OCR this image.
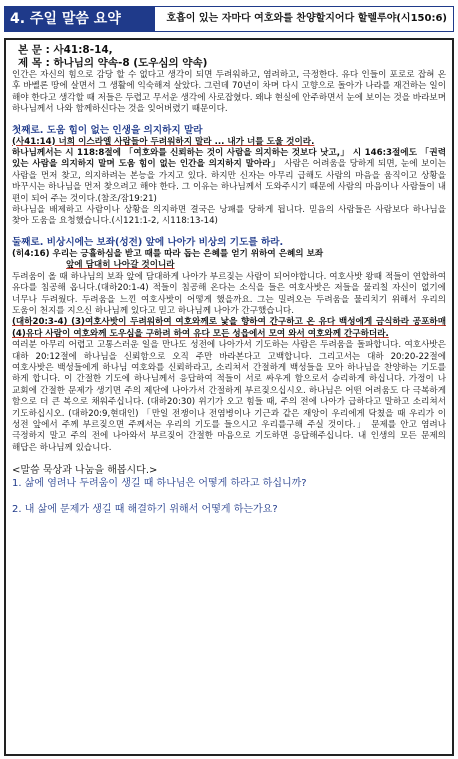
4. 주일 말씀 요약	호흡이 있는 자마다 여호와를 찬양할지어다 할렐루야(시150:6)
본 문 : 사41:8-14,
제 목 : 하나님의 약속-8 (도우심의 약속)

인간은 자신의 힘으로 감당 할 수 없다고 생각이 되면 두려워하고, 염려하고, 극정한다. 유다 인들이 포로로 잡혀 온 후 바벨론 땅에 살면서 그 생활에 익숙해져 살았다. 그런데 70년이 차며 다시 고향으로 돌아가 나라를 재건하는 일이 해야 한다고 생각할 때 저들은 두렵고 무서운 생각에 사로잡혔다. 왜냐 현실에 안주하면서 눈에 보이는 것을 바라보며 하나님께서 나와 함께하신다는 것을 잊어버렸기 때문이다.

첫째로. 도움 힘이 없는 인생을 의지하지 말라

(사41:14) 너희 이스라엘 사람들아 두려워하지 말라 ... 내가 너를 도울 것이라.

하나님께서는 시 118:8절에 「여호와를 신뢰하는 것이 사람을 의지하는 것보다 낫고,」 시 146:3절에도 「권력 있는 사람을 의지하지 말며 도움 힘이 없는 인간을 의지하지 말아라」 사람은 어려움을 당하게 되면, 눈에 보이는 사람을 먼저 찾고, 의지하려는 본능을 가지고 있다. 하지만 신자는 아무리 급해도 사람의 마음을 움직이고 상황을 바꾸시는 하나님을 먼저 찾으려고 해야 한다. 그 이유는 하나님께서 도와주시기 때문에 사람의 마음이나 사람들이 내 편이 되어 주는 것이다.(참조/잠19:21)

하나님을 배제하고 사람이나 상황을 의지하면 결국은 낭패를 당하게 됩니다. 믿음의 사람들은 사람보다 하나님을 찾아 도움을 요청했습니다.(시121:1-2, 시118:13-14)

둘째로. 비상시에는 보좌(성전) 앞에 나아가 비상의 기도를 하라.

(히4:16) 우리는 긍휼하심을 받고 때를 따라 돕는 은혜를 얻기 위하여 은혜의 보좌

앞에 담대히 나아갈 것이니라

두려움이 올 때 하나님의 보좌 앞에 담대하게 나아가 부르짖는 사람이 되어야합니다. 여호사밧 왕때 적들이 연합하여 유다를 침공해 옵니다.(대하20:1-4) 적들이 침공해 온다는 소식을 들은 여호사밧은 저들을 물리칠 자신이 없기에 너무나 두려웠다. 두려움을 느낀 여호사밧이 어떻게 했을까요. 그는 밀려오는 두려움을 물리치기 위해서 우리의 도움이 천지를 지으신 하나님께 있다고 믿고 하나님께 나아가 간구했습니다.

(대하20:3-4) (3)여호사밧이 두려워하여 여호와께로 낯을 향하여 간구하고 온 유다 백성에게 금식하라 공포하매 (4)유다 사람이 여호와께 도우심을 구하려 하여 유다 모든 성읍에서 모여 와서 여호와께 간구하더라.

여러분 아무리 어렵고 고통스러운 일을 만나도 성전에 나아가서 기도하는 사람은 두려움을 돌파합니다. 여호사밧은 대하 20:12절에 하나님을 신뢰함으로 오직 주만 바라본다고 고백합니다. 그리고서는 대하 20:20-22절에 여호사밧은 백성들에게 하나님 여호와를 신뢰하라고, 소리쳐서 간절하게 백성들을 모아 하나님을 찬양하는 기도를 하게 합니다. 이 간절한 기도에 하나님께서 응답하여 적들이 서로 싸우게 함으로서 승리하게 하십니다. 가정이 나 교회에 간절한 문제가 생기면 주의 제단에 나아가서 간절하게 부르짖으십시오. 하나님은 어떤 어려움도 다 극복하게 함으로 더 큰 복으로 채워주십니다. (대하20:30) 위기가 오고 힘들 때, 주의 전에 나아가 급하다고 말하고 소리쳐서 기도하십시오. (대하20:9,현대인) 「만일 전쟁이나 전염병이나 기근과 같은 재앙이 우리에게 닥쳤을 때 우리가 이 성전 앞에서 주께 부르짖으면 주께서는 우리의 기도를 들으시고 우리를구해 주실 것이다.」 문제를 안고 염려나 극정하지 말고 주의 전에 나아와서 부르짖어 간절한 마음으로 기도하면 응답해주십니다. 내 인생의 모든 문제의 해답은 하나님께 있습니다.

<말씀 묵상과 나눔을 해봅시다.>

1. 삶에 염려나 두려움이 생길 때 하나님은 어떻게 하라고 하십니까?

2. 내 삶에 문제가 생길 때 해결하기 위해서 어떻게 하는가요?
